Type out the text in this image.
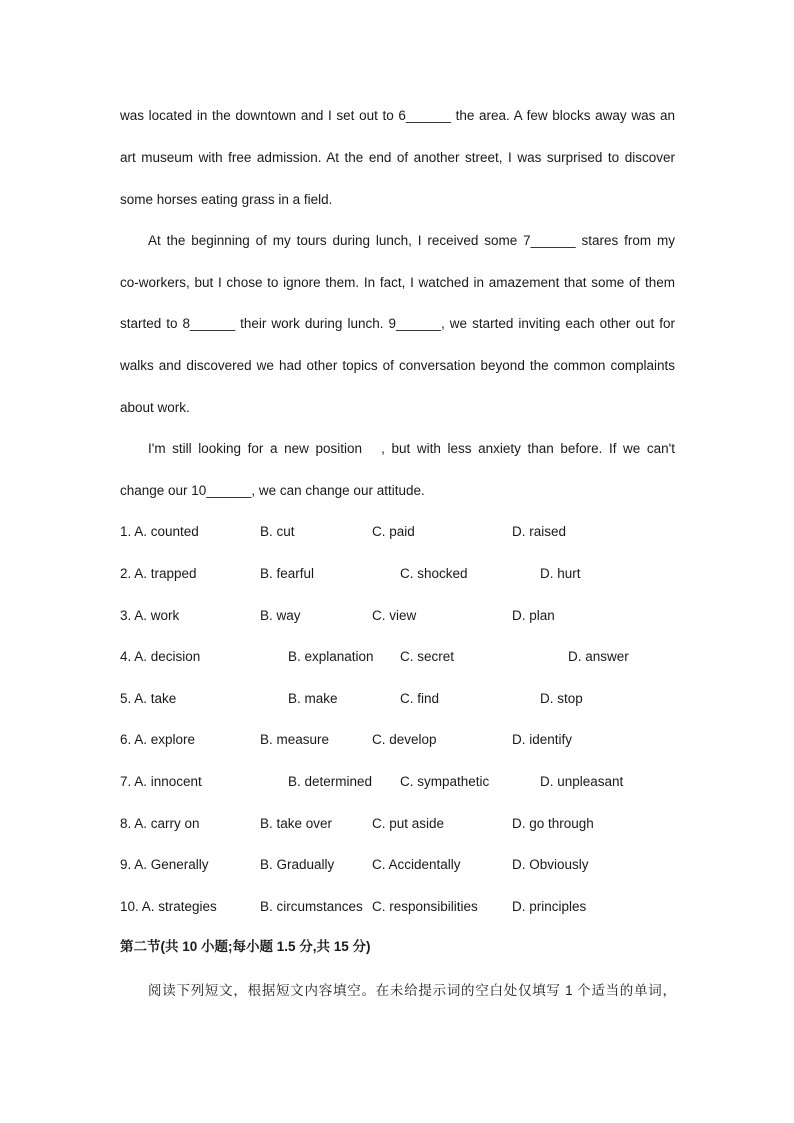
was located in the downtown and I set out to 6______ the area. A few blocks away was an
art museum with free admission. At the end of another street, I was surprised to discover
some horses eating grass in a field.
At the beginning of my tours during lunch, I received some 7______ stares from my
co-workers, but I chose to ignore them. In fact, I watched in amazement that some of them
started to 8______ their work during lunch. 9______, we started inviting each other out for
walks and discovered we had other topics of conversation beyond the common complaints
about work.
I'm still looking for a new position　, but with less anxiety than before. If we can't
change our 10______, we can change our attitude.
1. A. counted	B. cut	C. paid	D. raised
2. A. trapped	B. fearful	C. shocked	D. hurt
3. A. work	B. way	C. view	D. plan
4. A. decision	B. explanation C. secret	D. answer
5. A. take	B. make	C. find	D. stop
6. A. explore	B. measure	C. develop	D. identify
7. A. innocent	B. determined C. sympathetic	D. unpleasant
8. A. carry on	B. take over	C. put aside	D. go through
9. A. Generally	B. Gradually	C. Accidentally	D. Obviously
10. A. strategies	B. circumstances C. responsibilities	D. principles
第二节(共 10 小题;每小题 1.5 分,共 15 分)
阅读下列短文，根据短文内容填空。在未给提示词的空白处仅填写 1 个适当的单词，
